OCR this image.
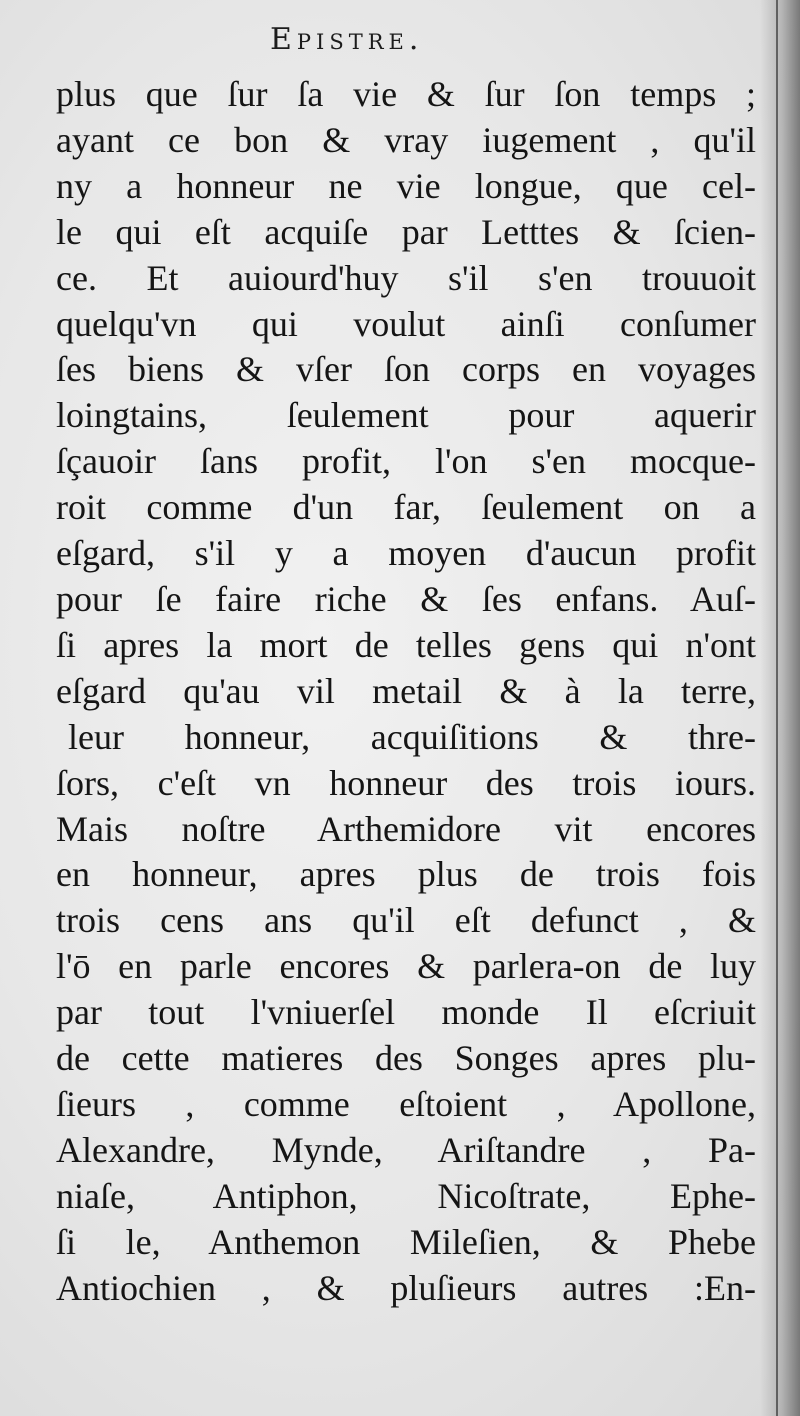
Epistre.
plus que ſur ſa vie & ſur ſon temps ;
ayant ce bon & vray iugement , qu'il
ny a honneur ne vie longue, que cel-
le qui eſt acquiſe par Letttes & ſcien-
ce. Et auiourd'huy s'il s'en trouuoit
quelqu'vn qui voulut ainſi conſumer
ſes biens & vſer ſon corps en voyages
loingtains, ſeulement pour aquerir
ſçauoir ſans profit, l'on s'en mocque-
roit comme d'un far, ſeulement on a
eſgard, s'il y a moyen d'aucun profit
pour ſe faire riche & ſes enfans. Auſ-
ſi apres la mort de telles gens qui n'ont
eſgard qu'au vil metail & à la terre,
leur honneur, acquiſitions & thre-
ſors, c'eſt vn honneur des trois iours.
Mais noſtre Arthemidore vit encores
en honneur, apres plus de trois fois
trois cens ans qu'il eſt defunct , &
l'ō en parle encores & parlera-on de luy
par tout l'vniuerſel monde Il eſcriuit
de cette matieres des Songes apres plu-
ſieurs , comme eſtoient , Apollone,
Alexandre, Mynde, Ariſtandre , Pa-
niaſe, Antiphon, Nicoſtrate, Ephe-
ſi le, Anthemon Mileſien, & Phebe
Antiochien , & pluſieurs autres :En-
